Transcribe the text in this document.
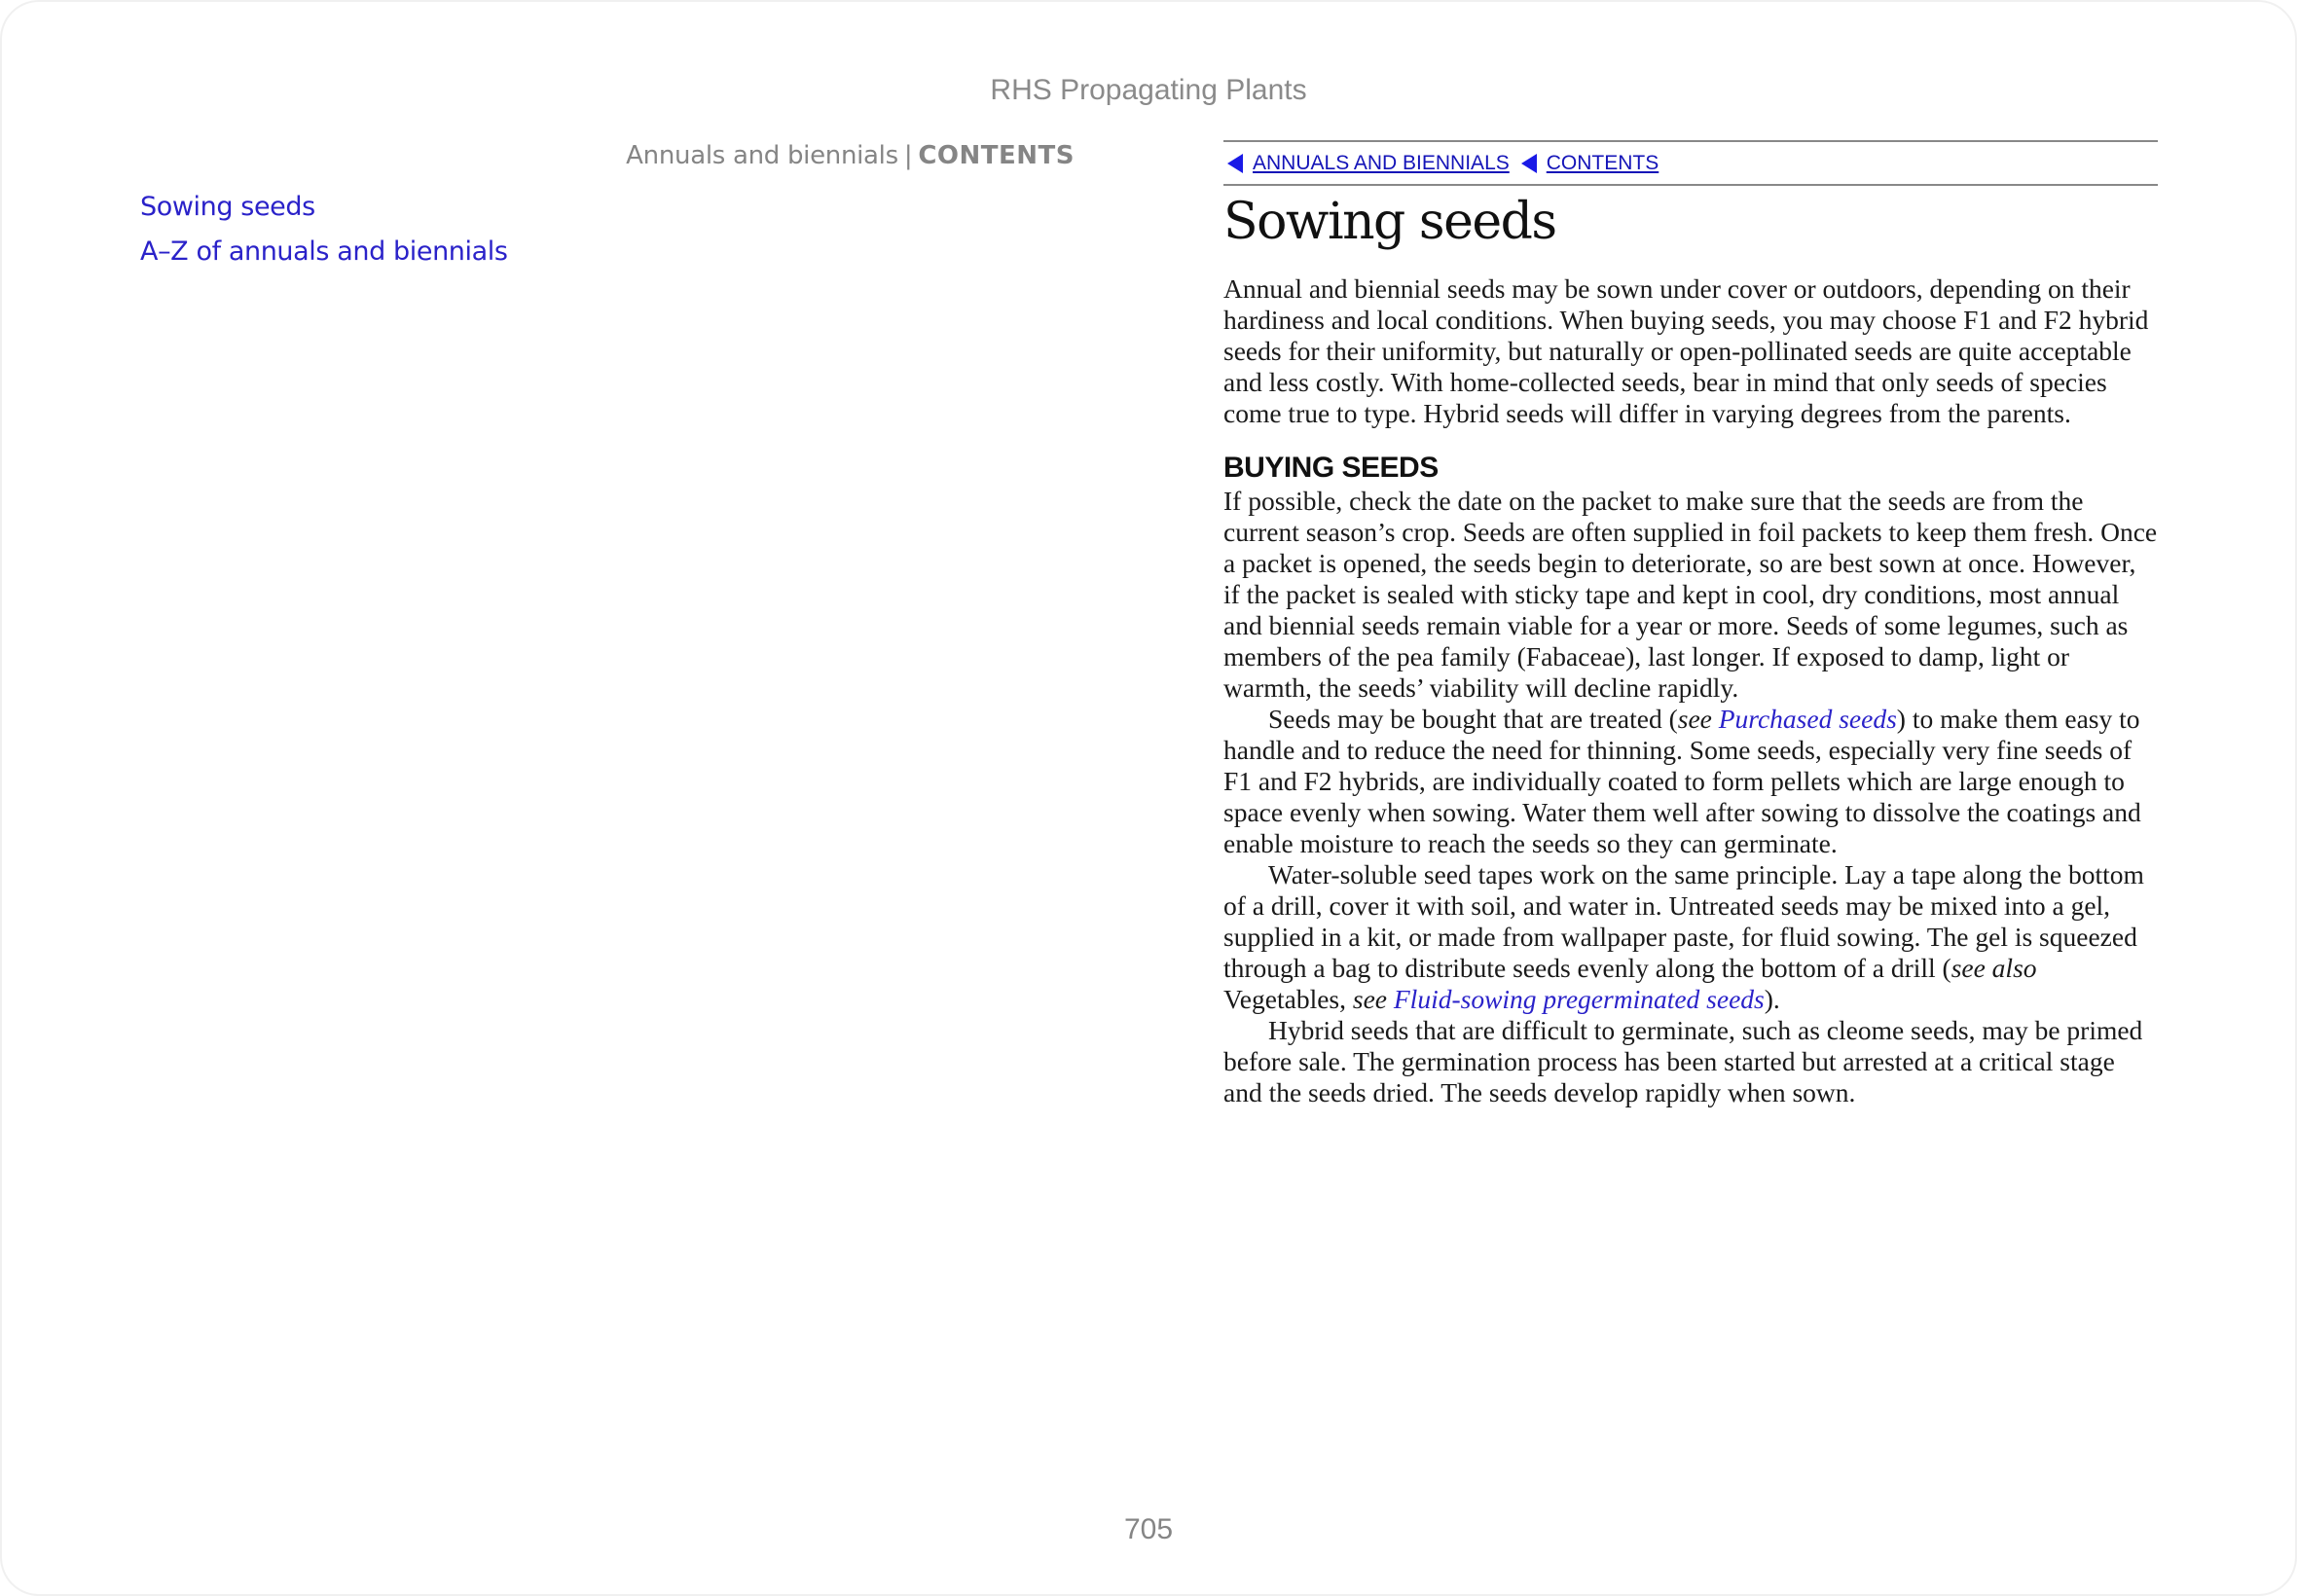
RHS Propagating Plants
Annuals and biennials | CONTENTS
Sowing seeds
A–Z of annuals and biennials
ANNUALS AND BIENNIALS CONTENTS
Sowing seeds

Annual and biennial seeds may be sown under cover or outdoors, depending on their hardiness and local conditions. When buying seeds, you may choose F1 and F2 hybrid seeds for their uniformity, but naturally or open-pollinated seeds are quite acceptable and less costly. With home-collected seeds, bear in mind that only seeds of species come true to type. Hybrid seeds will differ in varying degrees from the parents.

BUYING SEEDS

If possible, check the date on the packet to make sure that the seeds are from the current season’s crop. Seeds are often supplied in foil packets to keep them fresh. Once a packet is opened, the seeds begin to deteriorate, so are best sown at once. However, if the packet is sealed with sticky tape and kept in cool, dry conditions, most annual and biennial seeds remain viable for a year or more. Seeds of some legumes, such as members of the pea family (Fabaceae), last longer. If exposed to damp, light or warmth, the seeds’ viability will decline rapidly.

Seeds may be bought that are treated (see Purchased seeds) to make them easy to handle and to reduce the need for thinning. Some seeds, especially very fine seeds of F1 and F2 hybrids, are individually coated to form pellets which are large enough to space evenly when sowing. Water them well after sowing to dissolve the coatings and enable moisture to reach the seeds so they can germinate.

Water-soluble seed tapes work on the same principle. Lay a tape along the bottom of a drill, cover it with soil, and water in. Untreated seeds may be mixed into a gel, supplied in a kit, or made from wallpaper paste, for fluid sowing. The gel is squeezed through a bag to distribute seeds evenly along the bottom of a drill (see also Vegetables, see Fluid-sowing pregerminated seeds).

Hybrid seeds that are difficult to germinate, such as cleome seeds, may be primed before sale. The germination process has been started but arrested at a critical stage and the seeds dried. The seeds develop rapidly when sown.

705
